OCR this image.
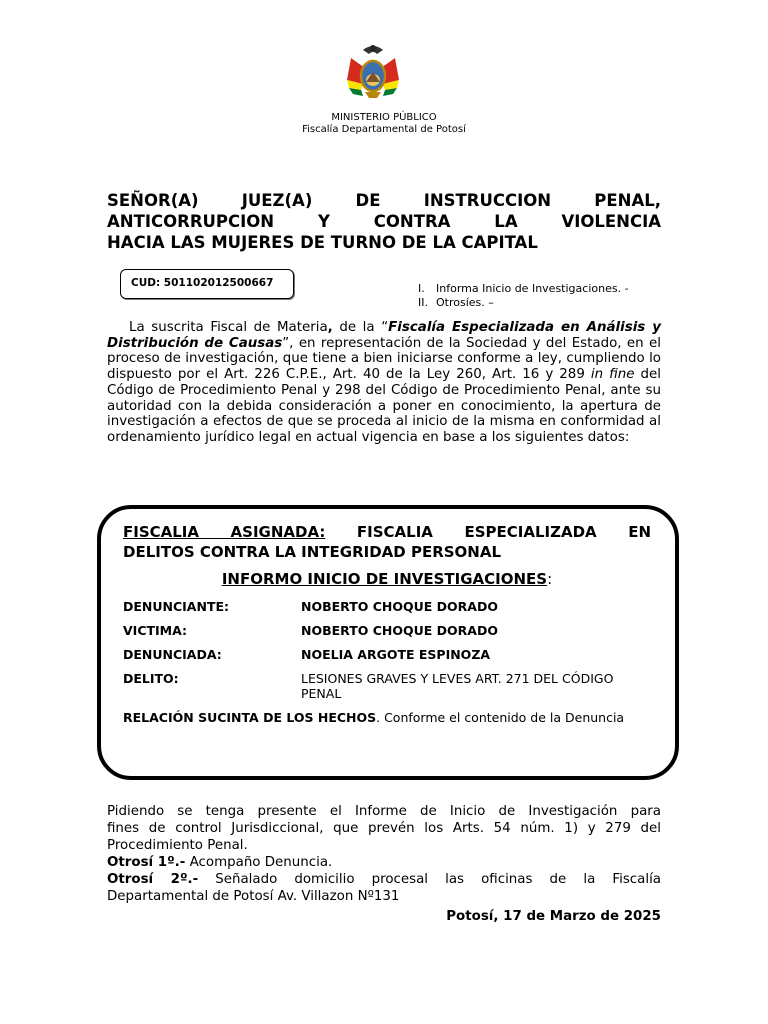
MINISTERIO PÚBLICO
Fiscalía Departamental de Potosí
SEÑOR(A) JUEZ(A) DE INSTRUCCION PENAL,
ANTICORRUPCION Y CONTRA LA VIOLENCIA
HACIA LAS MUJERES DE TURNO DE LA CAPITAL
CUD: 501102012500667	I. Informa Inicio de Investigaciones. -
II. Otrosíes. –
La suscrita Fiscal de Materia, de la “Fiscalía Especializada en Análisis y Distribución de Causas”, en representación de la Sociedad y del Estado, en el proceso de investigación, que tiene a bien iniciarse conforme a ley, cumpliendo lo dispuesto por el Art. 226 C.P.E., Art. 40 de la Ley 260, Art. 16 y 289 in fine del Código de Procedimiento Penal y 298 del Código de Procedimiento Penal, ante su autoridad con la debida consideración a poner en conocimiento, la apertura de investigación a efectos de que se proceda al inicio de la misma en conformidad al ordenamiento jurídico legal en actual vigencia en base a los siguientes datos:
FISCALIA ASIGNADA: FISCALIA ESPECIALIZADA EN
DELITOS CONTRA LA INTEGRIDAD PERSONAL
INFORMO INICIO DE INVESTIGACIONES:
DENUNCIANTE:	NOBERTO CHOQUE DORADO
VICTIMA:	NOBERTO CHOQUE DORADO
DENUNCIADA:	NOELIA ARGOTE ESPINOZA
DELITO:	LESIONES GRAVES Y LEVES ART. 271 DEL CÓDIGO PENAL
RELACIÓN SUCINTA DE LOS HECHOS. Conforme el contenido de la Denuncia
Pidiendo se tenga presente el Informe de Inicio de Investigación para
fines de control Jurisdiccional, que prevén los Arts. 54 núm. 1) y 279 del
Procedimiento Penal.
Otrosí 1º.- Acompaño Denuncia.
Otrosí 2º.- Señalado domicilio procesal las oficinas de la Fiscalía
Departamental de Potosí Av. Villazon Nº131
Potosí, 17 de Marzo de 2025
